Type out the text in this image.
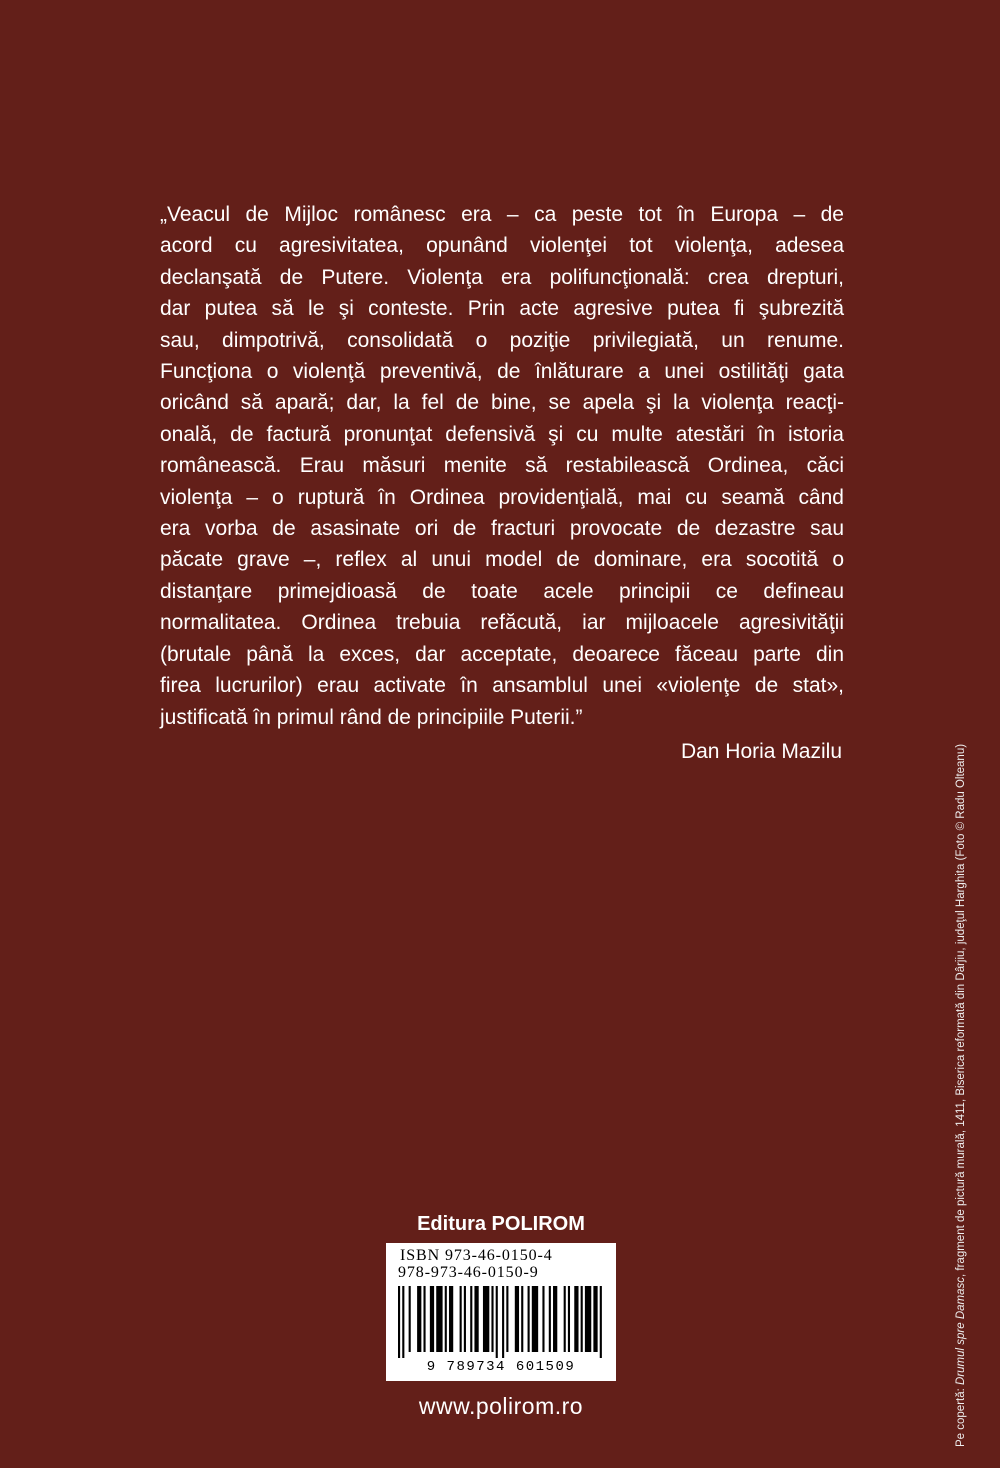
„Veacul de Mijloc românesc era – ca peste tot în Europa – de
acord cu agresivitatea, opunând violenţei tot violenţa, adesea
declanşată de Putere. Violenţa era polifuncţională: crea drepturi,
dar putea să le şi conteste. Prin acte agresive putea fi şubrezită
sau, dimpotrivă, consolidată o poziţie privilegiată, un renume.
Funcţiona o violenţă preventivă, de înlăturare a unei ostilităţi gata
oricând să apară; dar, la fel de bine, se apela şi la violenţa reacţi-
onală, de factură pronunţat defensivă şi cu multe atestări în istoria
românească. Erau măsuri menite să restabilească Ordinea, căci
violenţa – o ruptură în Ordinea providenţială, mai cu seamă când
era vorba de asasinate ori de fracturi provocate de dezastre sau
păcate grave –, reflex al unui model de dominare, era socotită o
distanţare primejdioasă de toate acele principii ce defineau
normalitatea. Ordinea trebuia refăcută, iar mijloacele agresivităţii
(brutale până la exces, dar acceptate, deoarece făceau parte din
firea lucrurilor) erau activate în ansamblul unei «violenţe de stat»,
justificată în primul rând de principiile Puterii.”

Dan Horia Mazilu
Editura POLIROM
ISBN 973-46-0150-4
978-973-46-0150-9
9 789734 601509
www.polirom.ro	Pe copertă: Drumul spre Damasc, fragment de pictură murală, 1411, Biserica reformată din Dârjiu, judeţul Harghita (Foto © Radu Olteanu)
